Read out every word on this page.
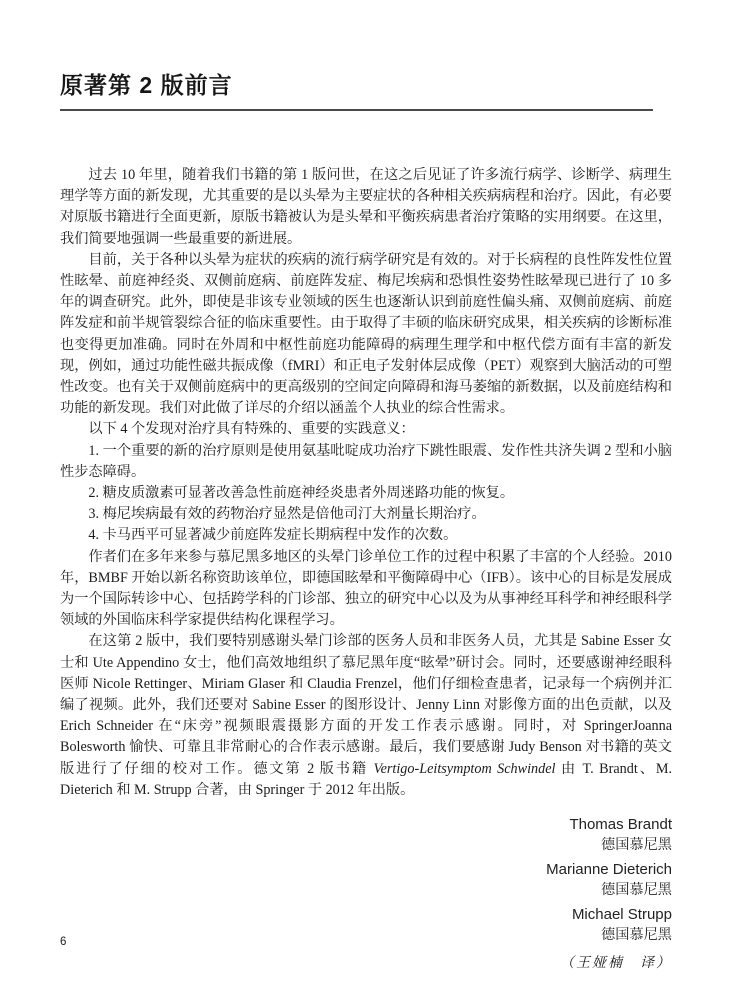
原著第 2 版前言

过去 10 年里，随着我们书籍的第 1 版问世，在这之后见证了许多流行病学、诊断学、病理生理学等方面的新发现，尤其重要的是以头晕为主要症状的各种相关疾病病程和治疗。因此，有必要对原版书籍进行全面更新，原版书籍被认为是头晕和平衡疾病患者治疗策略的实用纲要。在这里，我们简要地强调一些最重要的新进展。

目前，关于各种以头晕为症状的疾病的流行病学研究是有效的。对于长病程的良性阵发性位置性眩晕、前庭神经炎、双侧前庭病、前庭阵发症、梅尼埃病和恐惧性姿势性眩晕现已进行了 10 多年的调查研究。此外，即使是非该专业领域的医生也逐渐认识到前庭性偏头痛、双侧前庭病、前庭阵发症和前半规管裂综合征的临床重要性。由于取得了丰硕的临床研究成果，相关疾病的诊断标准也变得更加准确。同时在外周和中枢性前庭功能障碍的病理生理学和中枢代偿方面有丰富的新发现，例如，通过功能性磁共振成像（fMRI）和正电子发射体层成像（PET）观察到大脑活动的可塑性改变。也有关于双侧前庭病中的更高级别的空间定向障碍和海马萎缩的新数据，以及前庭结构和功能的新发现。我们对此做了详尽的介绍以涵盖个人执业的综合性需求。

以下 4 个发现对治疗具有特殊的、重要的实践意义：

1. 一个重要的新的治疗原则是使用氨基吡啶成功治疗下跳性眼震、发作性共济失调 2 型和小脑性步态障碍。

2. 糖皮质激素可显著改善急性前庭神经炎患者外周迷路功能的恢复。

3. 梅尼埃病最有效的药物治疗显然是倍他司汀大剂量长期治疗。

4. 卡马西平可显著减少前庭阵发症长期病程中发作的次数。

作者们在多年来参与慕尼黑多地区的头晕门诊单位工作的过程中积累了丰富的个人经验。2010 年，BMBF 开始以新名称资助该单位，即德国眩晕和平衡障碍中心（IFB）。该中心的目标是发展成为一个国际转诊中心、包括跨学科的门诊部、独立的研究中心以及为从事神经耳科学和神经眼科学领域的外国临床科学家提供结构化课程学习。

在这第 2 版中，我们要特别感谢头晕门诊部的医务人员和非医务人员，尤其是 Sabine Esser 女士和 Ute Appendino 女士，他们高效地组织了慕尼黑年度“眩晕”研讨会。同时，还要感谢神经眼科医师 Nicole Rettinger、Miriam Glaser 和 Claudia Frenzel，他们仔细检查患者，记录每一个病例并汇编了视频。此外，我们还要对 Sabine Esser 的图形设计、Jenny Linn 对影像方面的出色贡献，以及 Erich Schneider 在“床旁”视频眼震摄影方面的开发工作表示感谢。同时，对 SpringerJoanna Bolesworth 愉快、可靠且非常耐心的合作表示感谢。最后，我们要感谢 Judy Benson 对书籍的英文版进行了仔细的校对工作。德文第 2 版书籍 Vertigo-Leitsymptom Schwindel 由 T. Brandt、M. Dieterich 和 M. Strupp 合著，由 Springer 于 2012 年出版。

Thomas Brandt
德国慕尼黑
Marianne Dieterich
德国慕尼黑
Michael Strupp
德国慕尼黑
（王娅楠　译）
6
